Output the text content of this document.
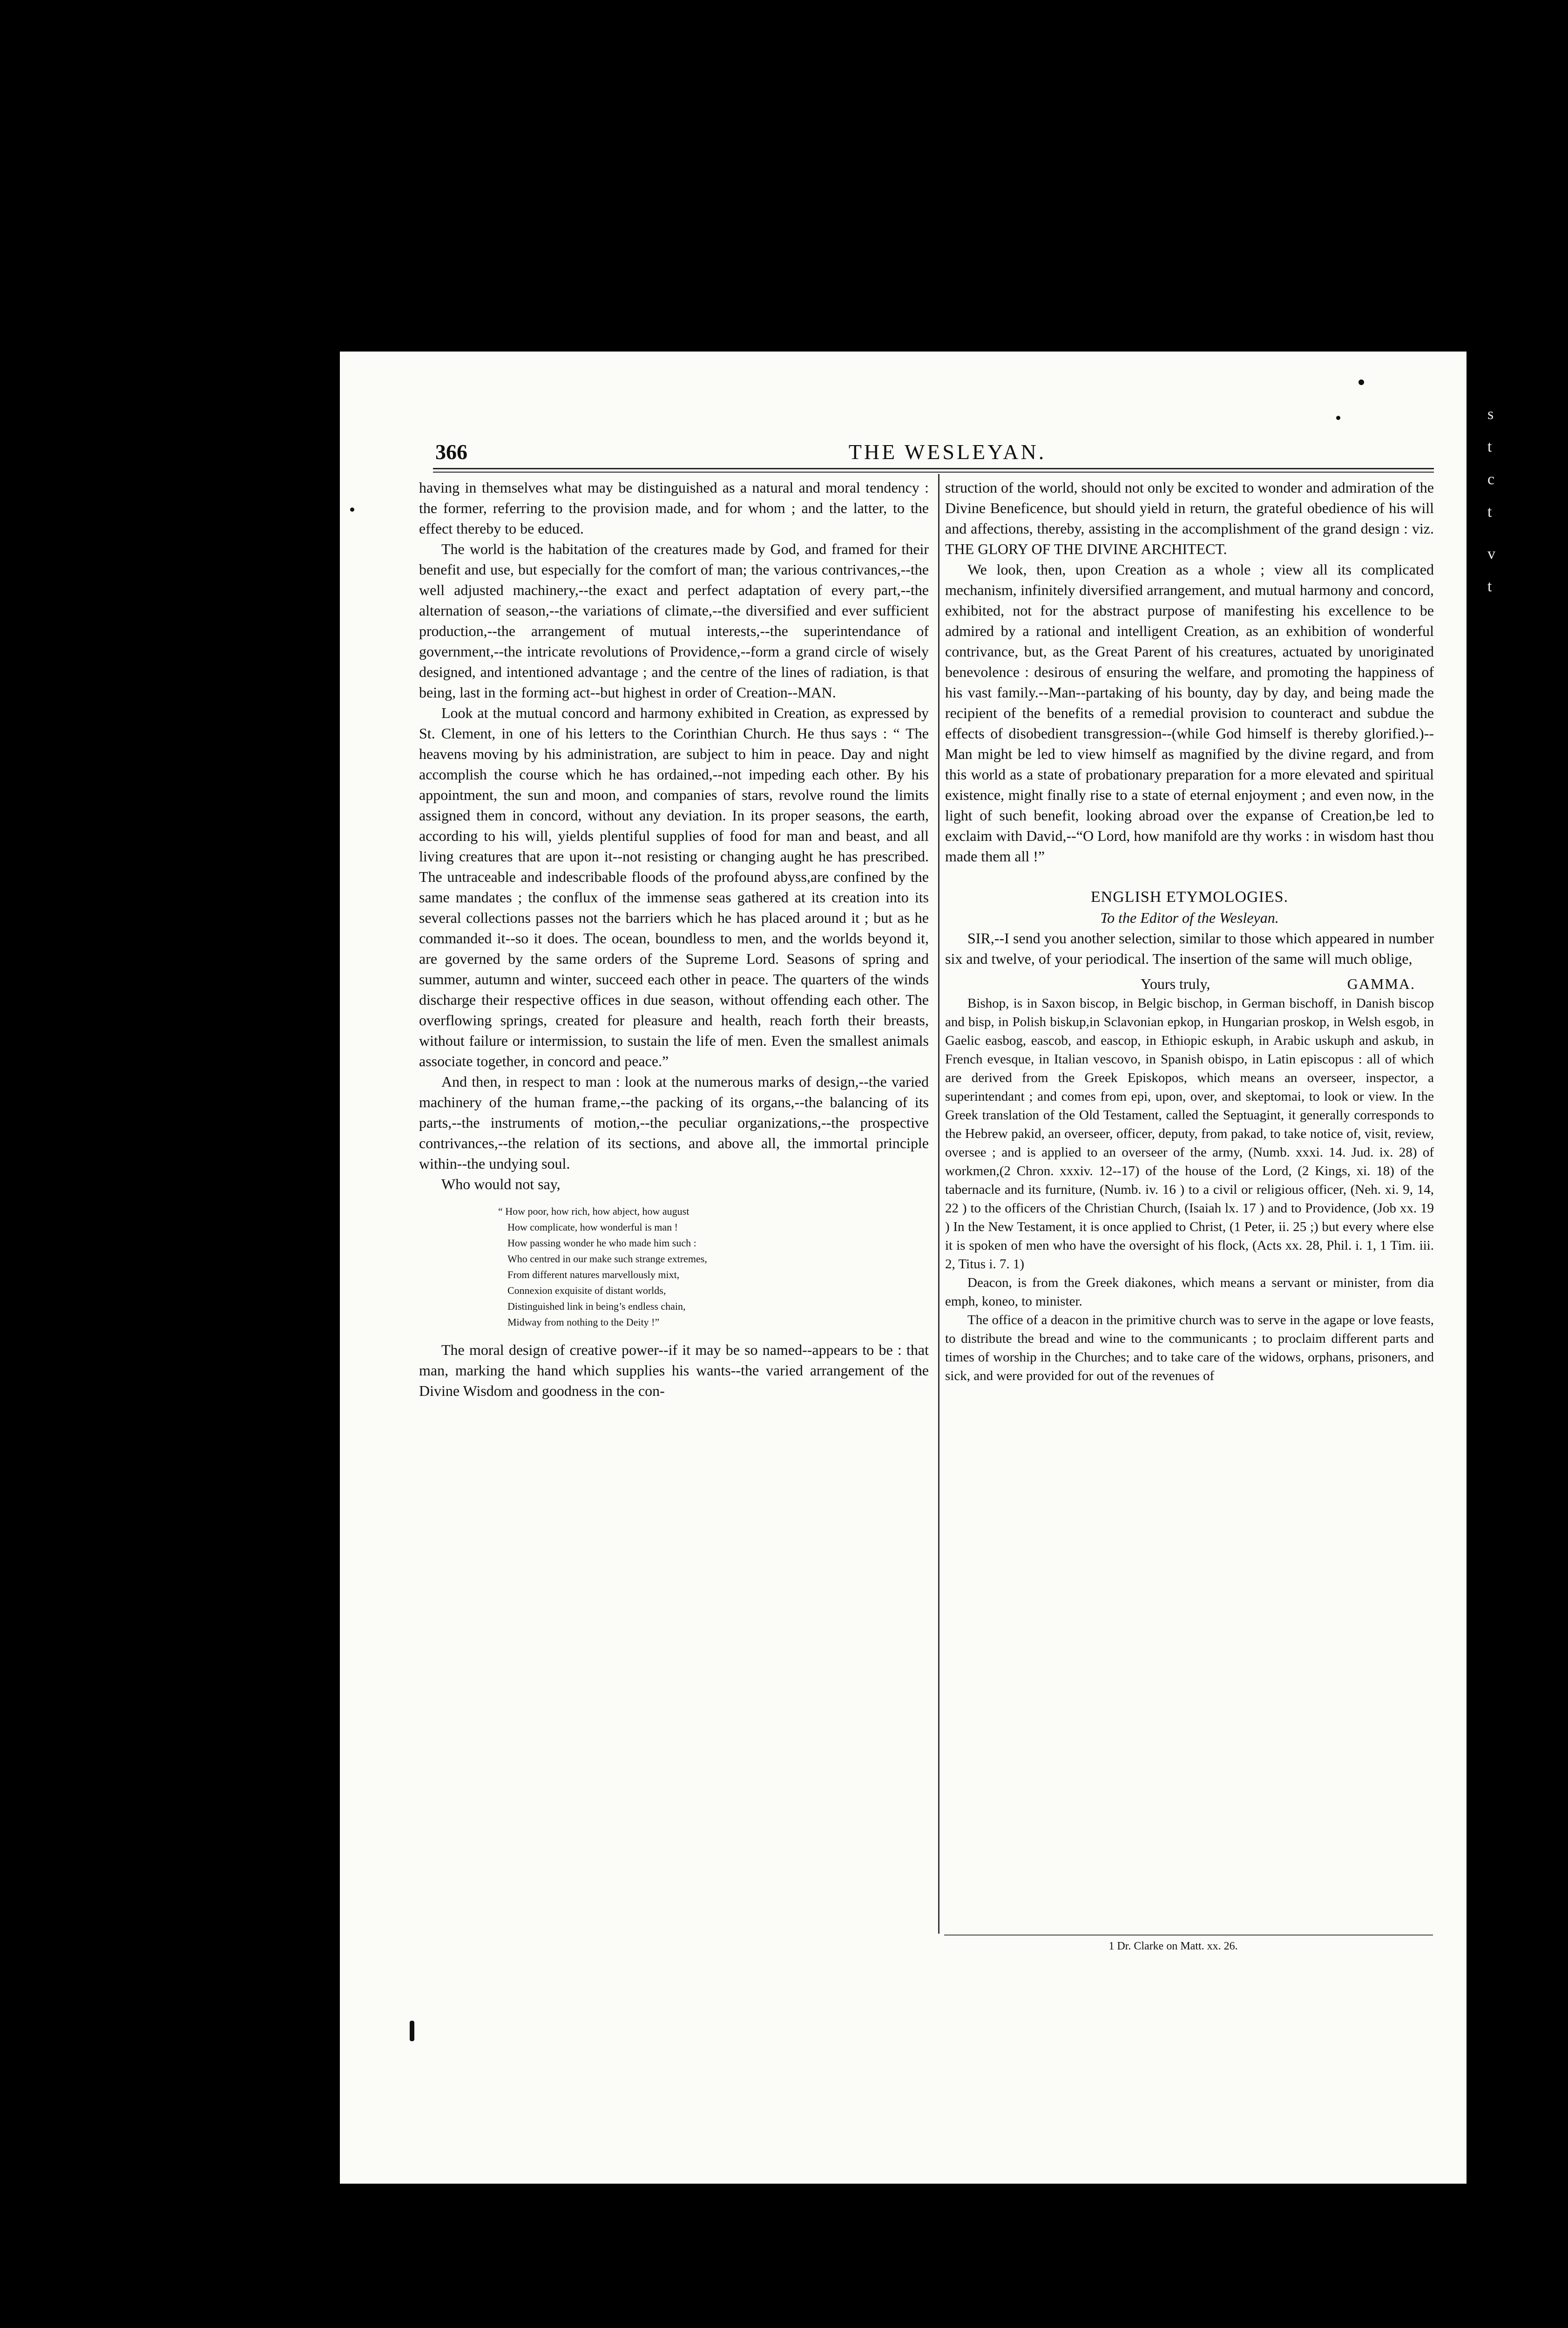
s
t
c
t
v
t
366	THE WESLEYAN.

having in themselves what may be distinguished as a natural and moral tendency : the former, referring to the provision made, and for whom ; and the latter, to the effect thereby to be educed.

The world is the habitation of the creatures made by God, and framed for their benefit and use, but especially for the comfort of man; the various contrivances,--the well adjusted machinery,--the exact and perfect adaptation of every part,--the alternation of season,--the variations of climate,--the diversified and ever sufficient production,--the arrangement of mutual interests,--the superintendance of government,--the intricate revolutions of Providence,--form a grand circle of wisely designed, and intentioned advantage ; and the centre of the lines of radiation, is that being, last in the forming act--but highest in order of Creation--MAN.

Look at the mutual concord and harmony exhibited in Creation, as expressed by St. Clement, in one of his letters to the Corinthian Church. He thus says : “ The heavens moving by his administration, are subject to him in peace. Day and night accomplish the course which he has ordained,--not impeding each other. By his appointment, the sun and moon, and companies of stars, revolve round the limits assigned them in concord, without any deviation. In its proper seasons, the earth, according to his will, yields plentiful supplies of food for man and beast, and all living creatures that are upon it--not resisting or changing aught he has prescribed. The untraceable and indescribable floods of the profound abyss,are confined by the same mandates ; the conflux of the immense seas gathered at its creation into its several collections passes not the barriers which he has placed around it ; but as he commanded it--so it does. The ocean, boundless to men, and the worlds beyond it, are governed by the same orders of the Supreme Lord. Seasons of spring and summer, autumn and winter, succeed each other in peace. The quarters of the winds discharge their respective offices in due season, without offending each other. The overflowing springs, created for pleasure and health, reach forth their breasts, without failure or intermission, to sustain the life of men. Even the smallest animals associate together, in concord and peace.”

And then, in respect to man : look at the numerous marks of design,--the varied machinery of the human frame,--the packing of its organs,--the balancing of its parts,--the instruments of motion,--the peculiar organizations,--the prospective contrivances,--the relation of its sections, and above all, the immortal principle within--the undying soul.

Who would not say,

“ How poor, how rich, how abject, how august
How complicate, how wonderful is man !
How passing wonder he who made him such :
Who centred in our make such strange extremes,
From different natures marvellously mixt,
Connexion exquisite of distant worlds,
Distinguished link in being’s endless chain,
Midway from nothing to the Deity !”

The moral design of creative power--if it may be so named--appears to be : that man, marking the hand which supplies his wants--the varied arrangement of the Divine Wisdom and goodness in the con-

struction of the world, should not only be excited to wonder and admiration of the Divine Beneficence, but should yield in return, the grateful obedience of his will and affections, thereby, assisting in the accomplishment of the grand design : viz. THE GLORY OF THE DIVINE ARCHITECT.

We look, then, upon Creation as a whole ; view all its complicated mechanism, infinitely diversified arrangement, and mutual harmony and concord, exhibited, not for the abstract purpose of manifesting his excellence to be admired by a rational and intelligent Creation, as an exhibition of wonderful contrivance, but, as the Great Parent of his creatures, actuated by unoriginated benevolence : desirous of ensuring the welfare, and promoting the happiness of his vast family.--Man--partaking of his bounty, day by day, and being made the recipient of the benefits of a remedial provision to counteract and subdue the effects of disobedient transgression--(while God himself is thereby glorified.)--Man might be led to view himself as magnified by the divine regard, and from this world as a state of probationary preparation for a more elevated and spiritual existence, might finally rise to a state of eternal enjoyment ; and even now, in the light of such benefit, looking abroad over the expanse of Creation,be led to exclaim with David,--“O Lord, how manifold are thy works : in wisdom hast thou made them all !”

ENGLISH ETYMOLOGIES.
To the Editor of the Wesleyan.

SIR,--I send you another selection, similar to those which appeared in number six and twelve, of your periodical. The insertion of the same will much oblige,

Yours truly,	GAMMA.

Bishop, is in Saxon biscop, in Belgic bischop, in German bischoff, in Danish biscop and bisp, in Polish biskup,in Sclavonian epkop, in Hungarian proskop, in Welsh esgob, in Gaelic easbog, eascob, and eascop, in Ethiopic eskuph, in Arabic uskuph and askub, in French evesque, in Italian vescovo, in Spanish obispo, in Latin episcopus : all of which are derived from the Greek Episkopos, which means an overseer, inspector, a superintendant ; and comes from epi, upon, over, and skeptomai, to look or view. In the Greek translation of the Old Testament, called the Septuagint, it generally corresponds to the Hebrew pakid, an overseer, officer, deputy, from pakad, to take notice of, visit, review, oversee ; and is applied to an overseer of the army, (Numb. xxxi. 14. Jud. ix. 28) of workmen,(2 Chron. xxxiv. 12--17) of the house of the Lord, (2 Kings, xi. 18) of the tabernacle and its furniture, (Numb. iv. 16 ) to a civil or religious officer, (Neh. xi. 9, 14, 22 ) to the officers of the Christian Church, (Isaiah lx. 17 ) and to Providence, (Job xx. 19 ) In the New Testament, it is once applied to Christ, (1 Peter, ii. 25 ;) but every where else it is spoken of men who have the oversight of his flock, (Acts xx. 28, Phil. i. 1, 1 Tim. iii. 2, Titus i. 7. 1)

Deacon, is from the Greek diakones, which means a servant or minister, from dia emph, koneo, to minister.

The office of a deacon in the primitive church was to serve in the agape or love feasts, to distribute the bread and wine to the communicants ; to proclaim different parts and times of worship in the Churches; and to take care of the widows, orphans, prisoners, and sick, and were provided for out of the revenues of

1 Dr. Clarke on Matt. xx. 26.
